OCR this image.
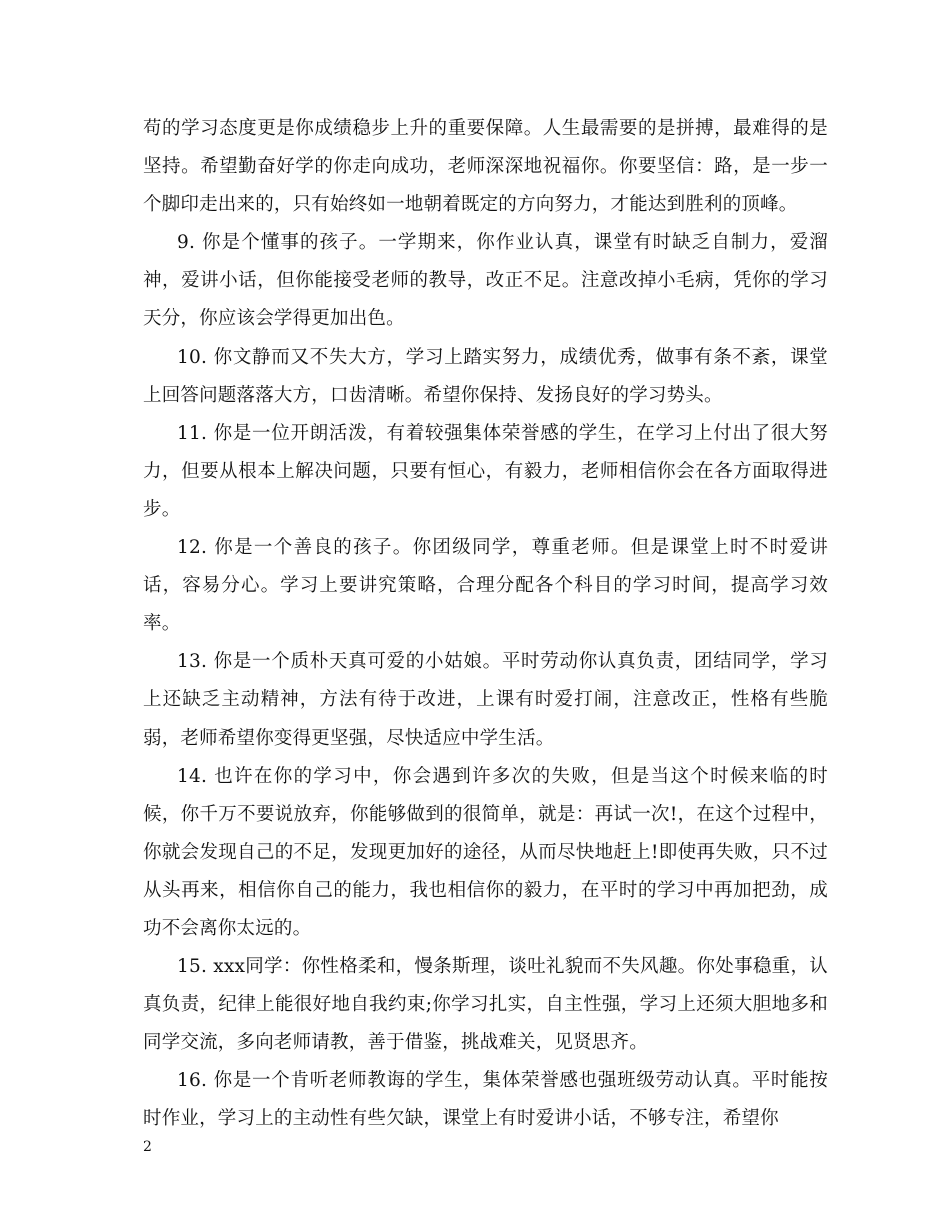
苟的学习态度更是你成绩稳步上升的重要保障。人生最需要的是拼搏，最难得的是坚持。希望勤奋好学的你走向成功，老师深深地祝福你。你要坚信：路，是一步一个脚印走出来的，只有始终如一地朝着既定的方向努力，才能达到胜利的顶峰。

9. 你是个懂事的孩子。一学期来，你作业认真，课堂有时缺乏自制力，爱溜神，爱讲小话，但你能接受老师的教导，改正不足。注意改掉小毛病，凭你的学习天分，你应该会学得更加出色。

10. 你文静而又不失大方，学习上踏实努力，成绩优秀，做事有条不紊，课堂上回答问题落落大方，口齿清晰。希望你保持、发扬良好的学习势头。

11. 你是一位开朗活泼，有着较强集体荣誉感的学生，在学习上付出了很大努力，但要从根本上解决问题，只要有恒心，有毅力，老师相信你会在各方面取得进步。

12. 你是一个善良的孩子。你团级同学，尊重老师。但是课堂上时不时爱讲话，容易分心。学习上要讲究策略，合理分配各个科目的学习时间，提高学习效率。

13. 你是一个质朴天真可爱的小姑娘。平时劳动你认真负责，团结同学，学习上还缺乏主动精神，方法有待于改进，上课有时爱打闹，注意改正，性格有些脆弱，老师希望你变得更坚强，尽快适应中学生活。

14. 也许在你的学习中，你会遇到许多次的失败，但是当这个时候来临的时候，你千万不要说放弃，你能够做到的很简单，就是：再试一次!，在这个过程中，你就会发现自己的不足，发现更加好的途径，从而尽快地赶上!即使再失败，只不过从头再来，相信你自己的能力，我也相信你的毅力，在平时的学习中再加把劲，成功不会离你太远的。

15. xxx同学：你性格柔和，慢条斯理，谈吐礼貌而不失风趣。你处事稳重，认真负责，纪律上能很好地自我约束;你学习扎实，自主性强，学习上还须大胆地多和同学交流，多向老师请教，善于借鉴，挑战难关，见贤思齐。

16. 你是一个肯听老师教诲的学生，集体荣誉感也强班级劳动认真。平时能按时作业，学习上的主动性有些欠缺，课堂上有时爱讲小话，不够专注，希望你

2
